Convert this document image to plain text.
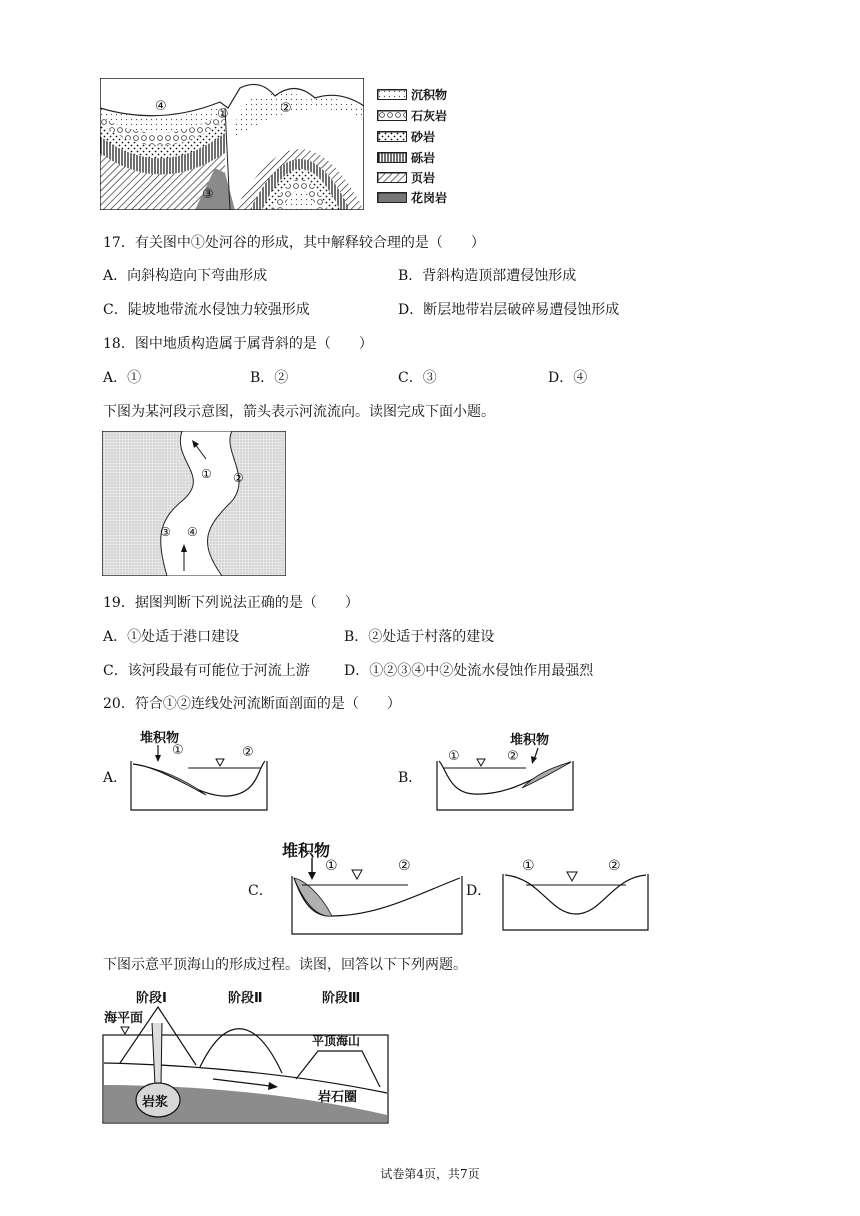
④
①	②
③
沉积物
石灰岩
砂岩
砾岩
页岩
花岗岩
17．有关图中①处河谷的形成，其中解释较合理的是（　　）
A．向斜构造向下弯曲形成	B．背斜构造顶部遭侵蚀形成
C．陡坡地带流水侵蚀力较强形成	D．断层地带岩层破碎易遭侵蚀形成
18．图中地质构造属于属背斜的是（　　）
A．①	B．②	C．③	D．④
下图为某河段示意图，箭头表示河流流向。读图完成下面小题。
① ②
③ ④
19．据图判断下列说法正确的是（　　）
A．①处适于港口建设	B．②处适于村落的建设
C．该河段最有可能位于河流上游 D．①②③④中②处流水侵蚀作用最强烈
20．符合①②连线处河流断面剖面的是（　　）
A．
堆积物
①	②
B．
①	②
堆积物
C．
堆积物
①	②
D．
①	②
下图示意平顶海山的形成过程。读图，回答以下下列两题。
阶段Ⅰ	阶段Ⅱ	阶段Ⅲ
海平面
岩浆
平顶海山
岩石圈
试卷第4页，共7页
